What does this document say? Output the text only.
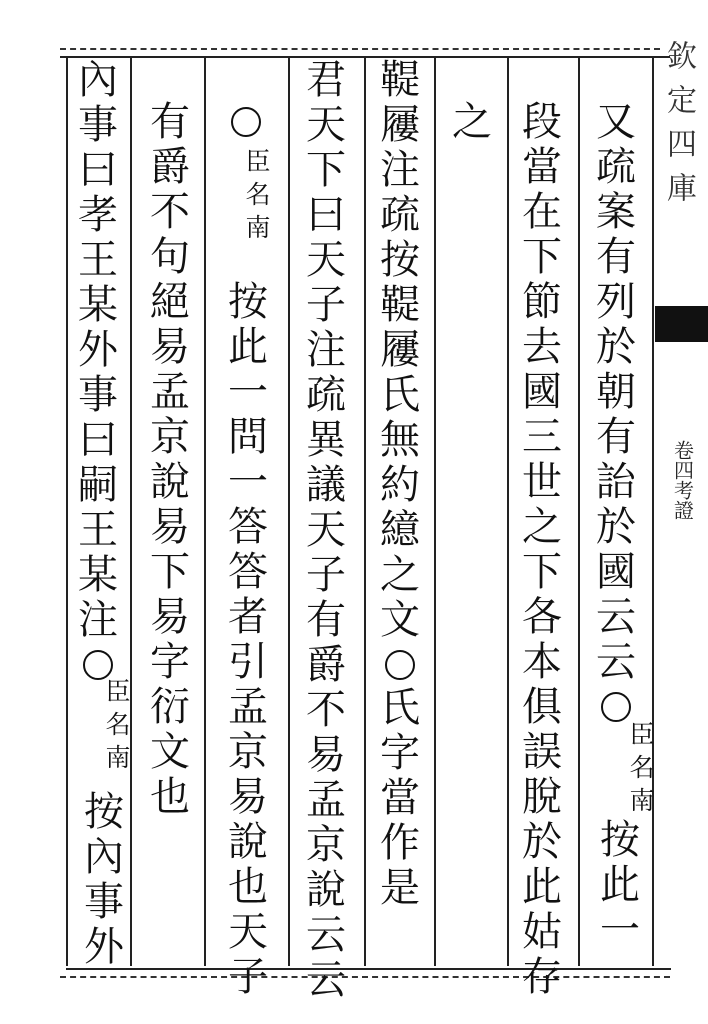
欽定四庫
卷四考證
又
疏
案
有
列
於
朝
有
詒
於
國
云
云
臣
名
南
按
此
一
段
當
在
下
節
去
國
三
世
之
下
各
本
俱
誤
脫
於
此
姑
存
之
鞮
屨
注
疏
按
鞮
屨
氏
無
約
繶
之
文
氏
字
當
作
是
君
天
下
曰
天
子
注
疏
異
議
天
子
有
爵
不
易
孟
京
說
云
云
臣
名
南
按
此
一
問
一
答
答
者
引
孟
京
易
說
也
天
子
有
爵
不
句
絕
易
孟
京
說
易
下
易
字
衍
文
也
內
事
曰
孝
王
某
外
事
曰
嗣
王
某
注
臣
名
南
按
內
事
外
